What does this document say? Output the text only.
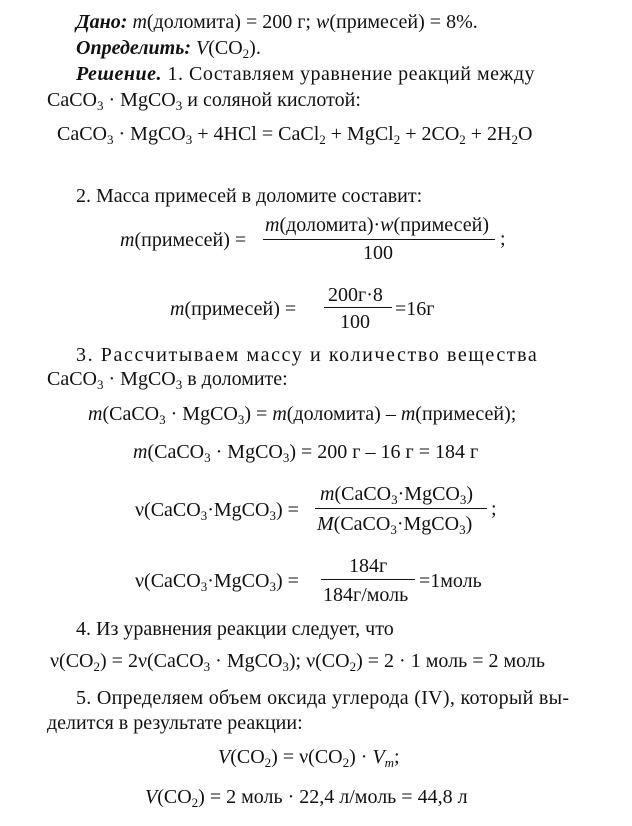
Дано: m(доломита) = 200 г; w(примесей) = 8%.
Определить: $V(CO_2)$.
Решение. 1. Составляем уравнение реакций между
CaCO$_3$ · MgCO$_3$ и соляной кислотой:
CaCO$_3$ · MgCO$_3$ + 4HCl = CaCl$_2$ + MgCl$_2$ + $2CO_2 + 2H_2O$
2. Масса примесей в доломите составит:
m(примесей) =
m(доломита)·w(примесей)
100
;
m(примесей) =
200г·8
100
=16г
3. Рассчитываем массу и количество вещества
CaCO$_3$ · MgCO$_3$ в доломите:
m(CaCO$_3$ · MgCO$_3$) = m(доломита) – m(примесей);
m(CaCO$_3$ · MgCO$_3$) = 200 г – 16 г = 184 г
ν(CaCO$_3$·MgCO$_3$) =
m(CaCO$_3$·MgCO$_3$)
M(CaCO$_3$·MgCO$_3$)
;
ν(CaCO$_3$·MgCO$_3$) =
184г
184г/моль
=1моль
4. Из уравнения реакции следует, что
$\nu(CO_2)$ = 2ν(CaCO$_3$ · MgCO$_3$); $\nu(CO_2) = 2 \cdot 1$ моль = 2 моль
5. Определяем объем оксида углерода (IV), который вы-
делится в результате реакции:
$V(CO_2) = \nu(CO_2) \cdot V_m$;
$V(CO_2) = 2$ моль · 22,4 л/моль = 44,8 л
